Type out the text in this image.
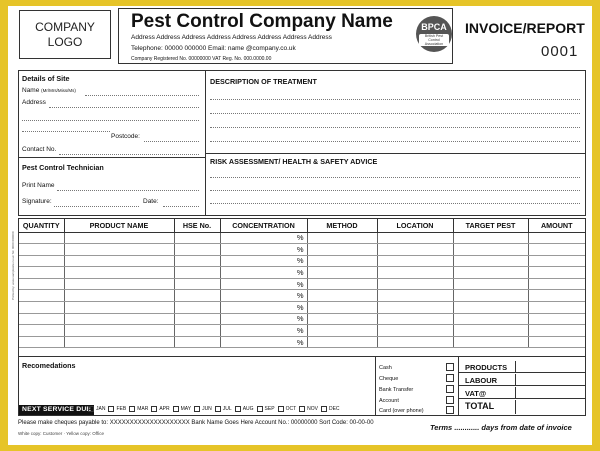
COMPANY
LOGO
Pest Control Company Name
Address Address Address Address Address Address Address Address
Telephone: 00000 000000 Email: name @company.co.uk
Company Registered No. 00000000 VAT Reg. No. 000.0000.00
BPCA
British Pest Control Association
INVOICE/REPORT
0001
Details of Site
Name (Mr/Mrs/Miss/Ms)
Address
Postcode:
Contact No.
Pest Control Technician
Print Name
Signature:	Date:
DESCRIPTION OF TREATMENT
RISK ASSESSMENT/ HEALTH & SAFETY ADVICE
QUANTITY	PRODUCT NAME	HSE No.	CONCENTRATION	METHOD	LOCATION	TARGET PEST	AMOUNT
			%				
			%				
			%				
			%				
			%				
			%				
			%				
			%				
			%				
			%				
Recomedations
NEXT SERVICE DUE JAN FEB MAR APR MAY JUN JUL AUG SEP OCT NOV DEC
Cash
Cheque
Bank Transfer
Account
Card (over phone)
PRODUCTS
LABOUR
VAT@
TOTAL
Please make cheques payable to: XXXXXXXXXXXXXXXXXXXX Bank Name Goes Here Account No.: 00000000 Sort Code: 00-00-00
White copy: Customer · Yellow copy: Office
Terms ............ days from date of invoice
Printed by: www.samplesite.co.uk Tel: 0000 000000
